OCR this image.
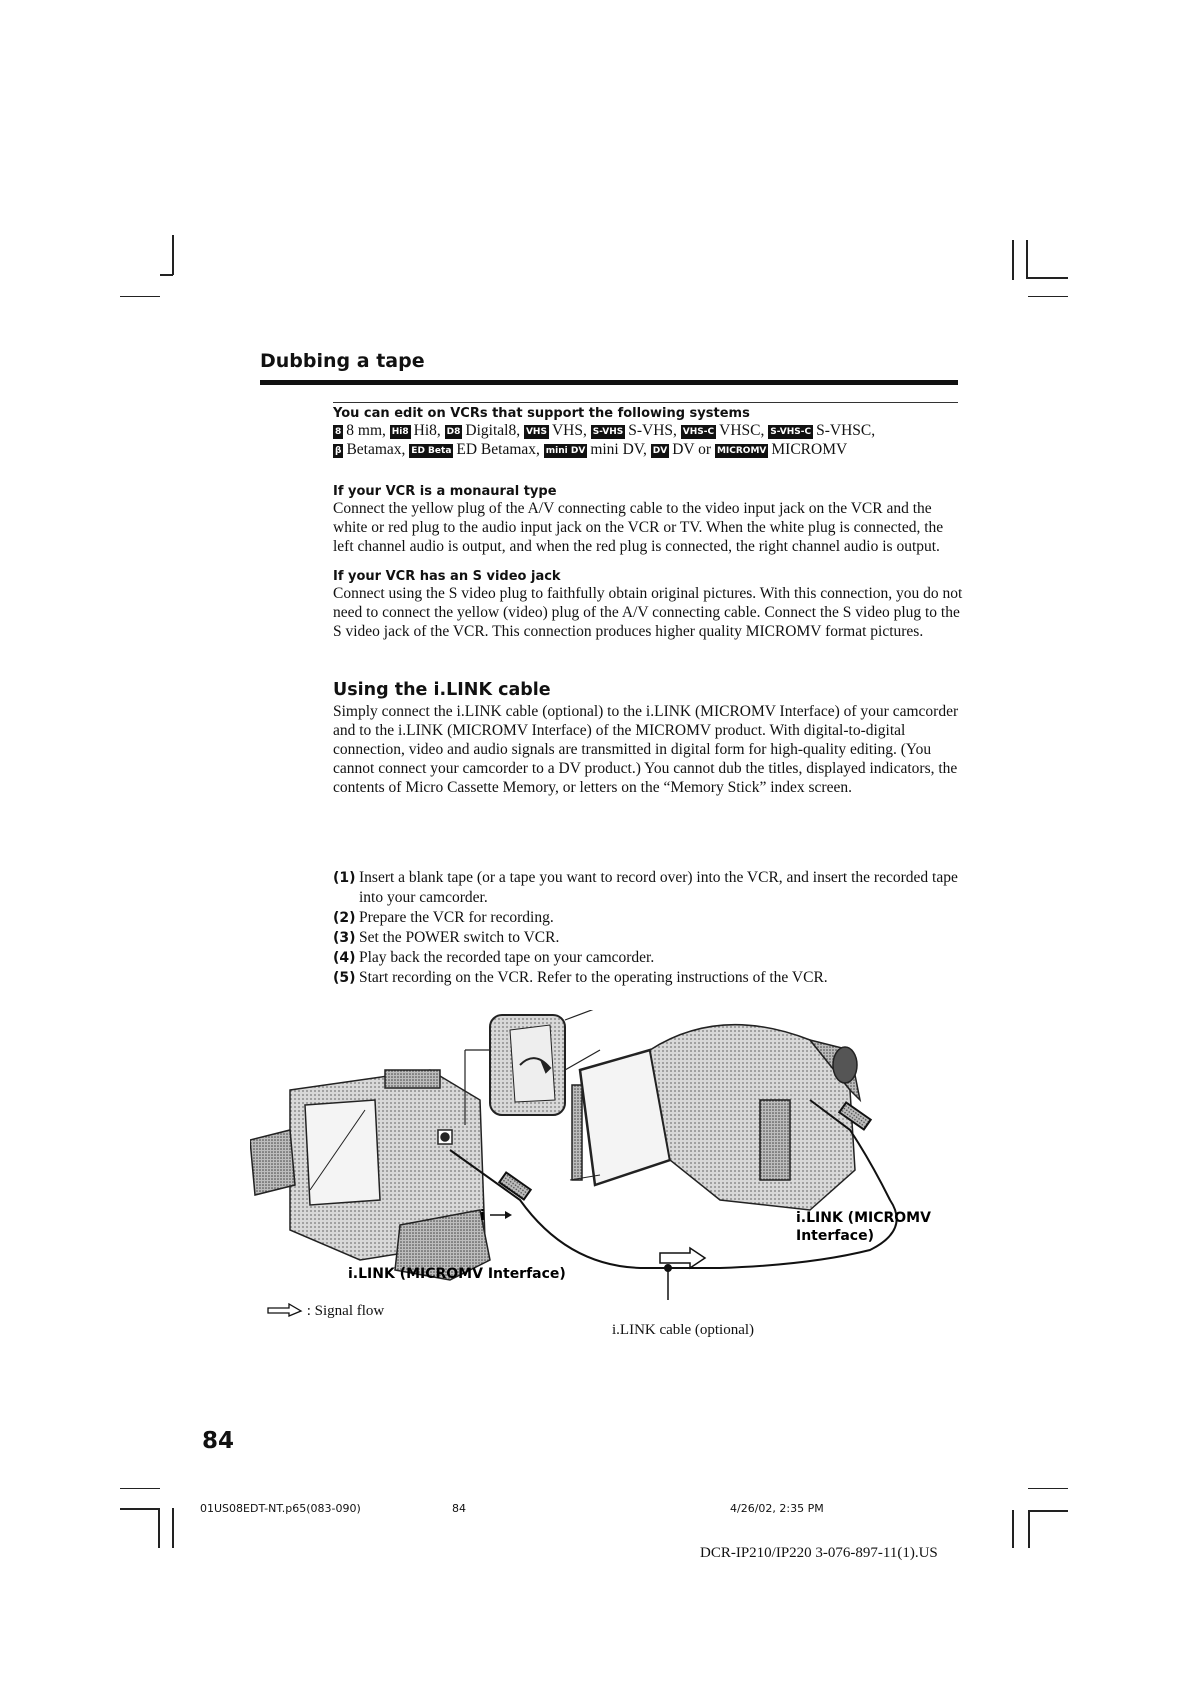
Dubbing a tape
You can edit on VCRs that support the following systems
8 8 mm, Hi8 Hi8, D8 Digital8, VHS VHS, S-VHS S-VHS, VHS-C VHSC, S-VHS-C S-VHSC,
β Betamax, ED Beta ED Betamax, mini DV mini DV, DV DV or MICROMV MICROMV
If your VCR is a monaural type
Connect the yellow plug of the A/V connecting cable to the video input jack on the VCR and the white or red plug to the audio input jack on the VCR or TV. When the white plug is connected, the left channel audio is output, and when the red plug is connected, the right channel audio is output.
If your VCR has an S video jack
Connect using the S video plug to faithfully obtain original pictures. With this connection, you do not need to connect the yellow (video) plug of the A/V connecting cable. Connect the S video plug to the S video jack of the VCR. This connection produces higher quality MICROMV format pictures.
Using the i.LINK cable
Simply connect the i.LINK cable (optional) to the i.LINK (MICROMV Interface) of your camcorder and to the i.LINK (MICROMV Interface) of the MICROMV product. With digital-to-digital connection, video and audio signals are transmitted in digital form for high-quality editing. (You cannot connect your camcorder to a DV product.) You cannot dub the titles, displayed indicators, the contents of Micro Cassette Memory, or letters on the “Memory Stick” index screen.
(1) Insert a blank tape (or a tape you want to record over) into the VCR, and insert the recorded tape into your camcorder.
(2) Prepare the VCR for recording.
(3) Set the POWER switch to VCR.
(4) Play back the recorded tape on your camcorder.
(5) Start recording on the VCR. Refer to the operating instructions of the VCR.
i
i.LINK (MICROMV Interface)
i.LINK (MICROMV
Interface)
: Signal flow
i.LINK cable (optional)
84
01US08EDT-NT.p65(083-090)	84	4/26/02, 2:35 PM
DCR-IP210/IP220 3-076-897-11(1).US
